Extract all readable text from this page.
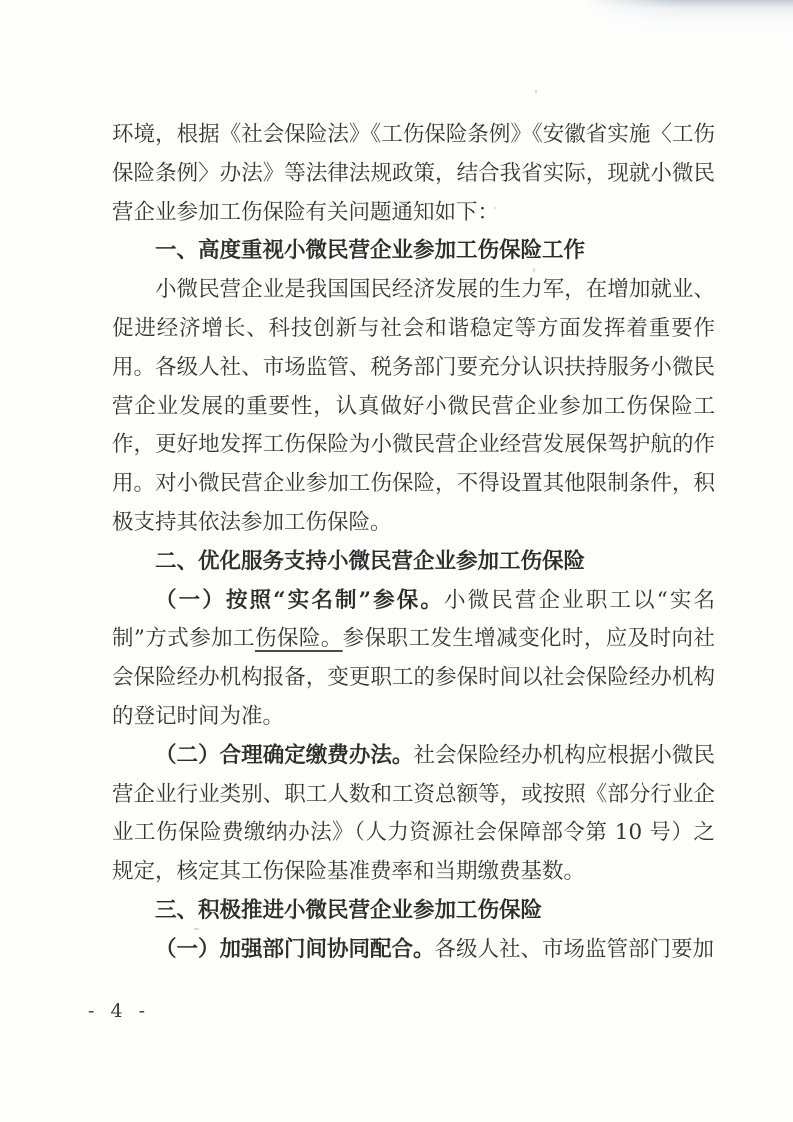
环境，根据《社会保险法》《工伤保险条例》《安徽省实施〈工伤保险条例〉办法》等法律法规政策，结合我省实际，现就小微民营企业参加工伤保险有关问题通知如下：

一、高度重视小微民营企业参加工伤保险工作

小微民营企业是我国国民经济发展的生力军，在增加就业、促进经济增长、科技创新与社会和谐稳定等方面发挥着重要作用。各级人社、市场监管、税务部门要充分认识扶持服务小微民营企业发展的重要性，认真做好小微民营企业参加工伤保险工作，更好地发挥工伤保险为小微民营企业经营发展保驾护航的作用。对小微民营企业参加工伤保险，不得设置其他限制条件，积极支持其依法参加工伤保险。

二、优化服务支持小微民营企业参加工伤保险

（一）按照“实名制”参保。小微民营企业职工以“实名制”方式参加工伤保险。参保职工发生增减变化时，应及时向社会保险经办机构报备，变更职工的参保时间以社会保险经办机构的登记时间为准。

（二）合理确定缴费办法。社会保险经办机构应根据小微民营企业行业类别、职工人数和工资总额等，或按照《部分行业企业工伤保险费缴纳办法》（人力资源社会保障部令第 10 号）之规定，核定其工伤保险基准费率和当期缴费基数。

三、积极推进小微民营企业参加工伤保险

（一）加强部门间协同配合。各级人社、市场监管部门要加

- 4 -
